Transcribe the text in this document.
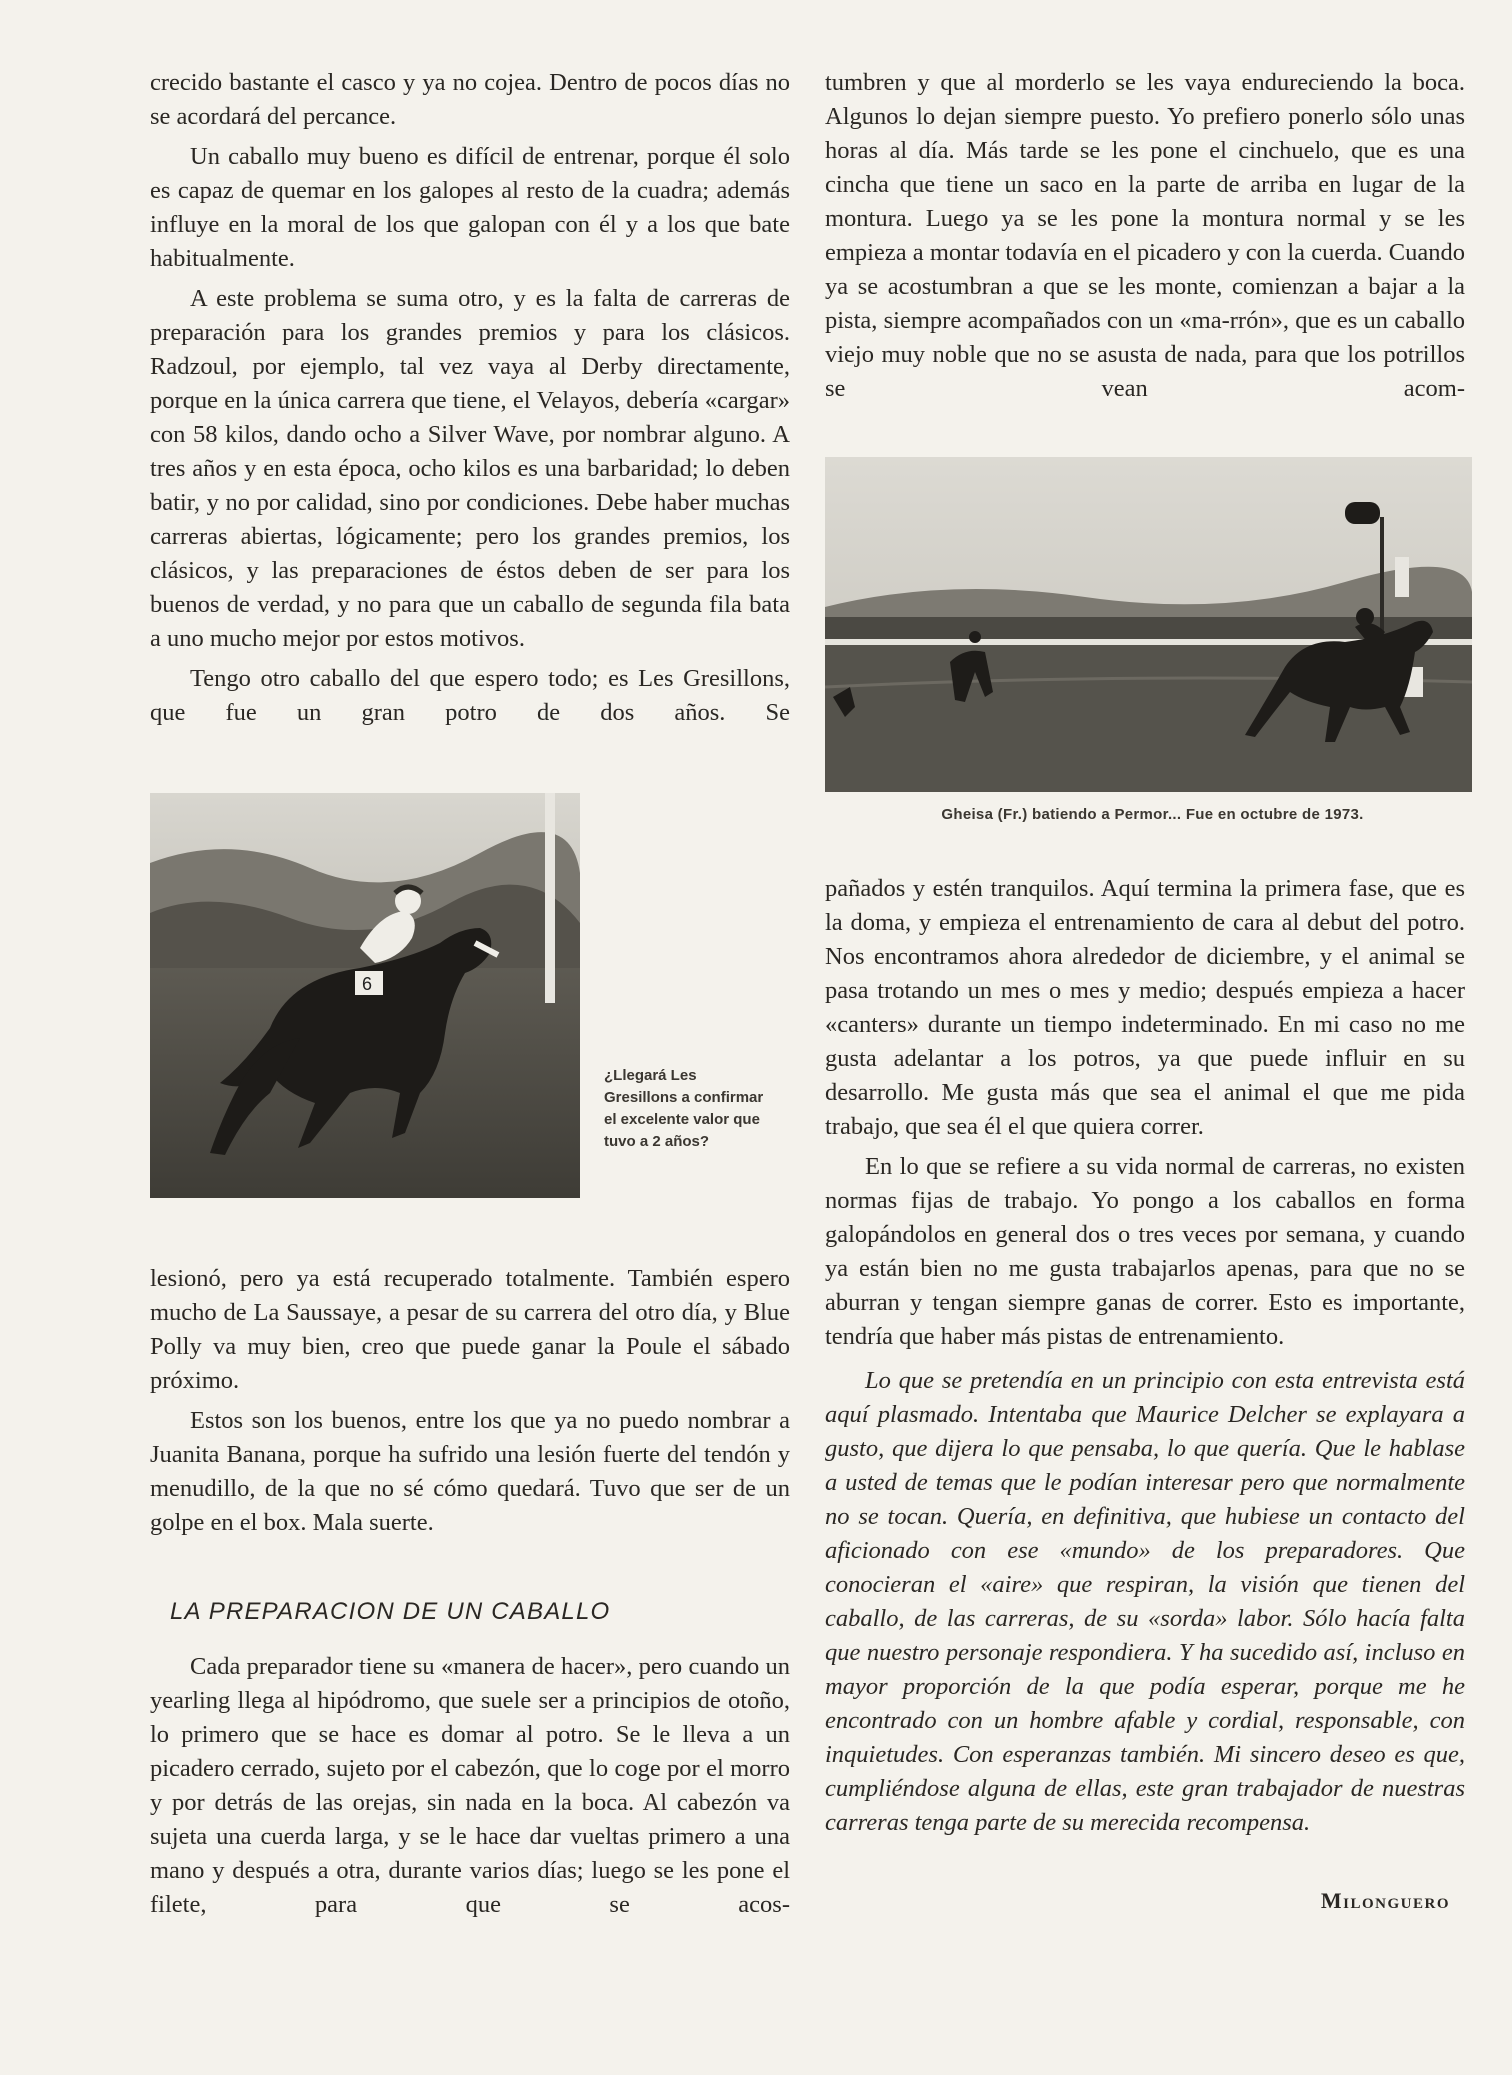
crecido bastante el casco y ya no cojea. Dentro de pocos días no se acordará del percance.

Un caballo muy bueno es difícil de entrenar, porque él solo es capaz de quemar en los galopes al resto de la cuadra; además influye en la moral de los que galopan con él y a los que bate habitualmente.

A este problema se suma otro, y es la falta de carreras de preparación para los grandes premios y para los clásicos. Radzoul, por ejemplo, tal vez vaya al Derby directamente, porque en la única carrera que tiene, el Velayos, debería «cargar» con 58 kilos, dando ocho a Silver Wave, por nombrar alguno. A tres años y en esta época, ocho kilos es una barbaridad; lo deben batir, y no por calidad, sino por condiciones. Debe haber muchas carreras abiertas, lógicamente; pero los grandes premios, los clásicos, y las preparaciones de éstos deben de ser para los buenos de verdad, y no para que un caballo de segunda fila bata a uno mucho mejor por estos motivos.

Tengo otro caballo del que espero todo; es Les Gresillons, que fue un gran potro de dos años. Se

6
¿Llegará Les Gresillons a confirmar el excelente valor que tuvo a 2 años?

lesionó, pero ya está recuperado totalmente. También espero mucho de La Saussaye, a pesar de su carrera del otro día, y Blue Polly va muy bien, creo que puede ganar la Poule el sábado próximo.

Estos son los buenos, entre los que ya no puedo nombrar a Juanita Banana, porque ha sufrido una lesión fuerte del tendón y menudillo, de la que no sé cómo quedará. Tuvo que ser de un golpe en el box. Mala suerte.

LA PREPARACION DE UN CABALLO

Cada preparador tiene su «manera de hacer», pero cuando un yearling llega al hipódromo, que suele ser a principios de otoño, lo primero que se hace es domar al potro. Se le lleva a un picadero cerrado, sujeto por el cabezón, que lo coge por el morro y por detrás de las orejas, sin nada en la boca. Al cabezón va sujeta una cuerda larga, y se le hace dar vueltas primero a una mano y después a otra, durante varios días; luego se les pone el filete, para que se acos-

tumbren y que al morderlo se les vaya endureciendo la boca. Algunos lo dejan siempre puesto. Yo prefiero ponerlo sólo unas horas al día. Más tarde se les pone el cinchuelo, que es una cincha que tiene un saco en la parte de arriba en lugar de la montura. Luego ya se les pone la montura normal y se les empieza a montar todavía en el picadero y con la cuerda. Cuando ya se acostumbran a que se les monte, comienzan a bajar a la pista, siempre acompañados con un «ma-rrón», que es un caballo viejo muy noble que no se asusta de nada, para que los potrillos se vean acom-

Gheisa (Fr.) batiendo a Permor... Fue en octubre de 1973.

pañados y estén tranquilos. Aquí termina la primera fase, que es la doma, y empieza el entrenamiento de cara al debut del potro. Nos encontramos ahora alrededor de diciembre, y el animal se pasa trotando un mes o mes y medio; después empieza a hacer «canters» durante un tiempo indeterminado. En mi caso no me gusta adelantar a los potros, ya que puede influir en su desarrollo. Me gusta más que sea el animal el que me pida trabajo, que sea él el que quiera correr.

En lo que se refiere a su vida normal de carreras, no existen normas fijas de trabajo. Yo pongo a los caballos en forma galopándolos en general dos o tres veces por semana, y cuando ya están bien no me gusta trabajarlos apenas, para que no se aburran y tengan siempre ganas de correr. Esto es importante, tendría que haber más pistas de entrenamiento.

Lo que se pretendía en un principio con esta entrevista está aquí plasmado. Intentaba que Maurice Delcher se explayara a gusto, que dijera lo que pensaba, lo que quería. Que le hablase a usted de temas que le podían interesar pero que normalmente no se tocan. Quería, en definitiva, que hubiese un contacto del aficionado con ese «mundo» de los preparadores. Que conocieran el «aire» que respiran, la visión que tienen del caballo, de las carreras, de su «sorda» labor. Sólo hacía falta que nuestro personaje respondiera. Y ha sucedido así, incluso en mayor proporción de la que podía esperar, porque me he encontrado con un hombre afable y cordial, responsable, con inquietudes. Con esperanzas también. Mi sincero deseo es que, cumpliéndose alguna de ellas, este gran trabajador de nuestras carreras tenga parte de su merecida recompensa.

Milonguero
